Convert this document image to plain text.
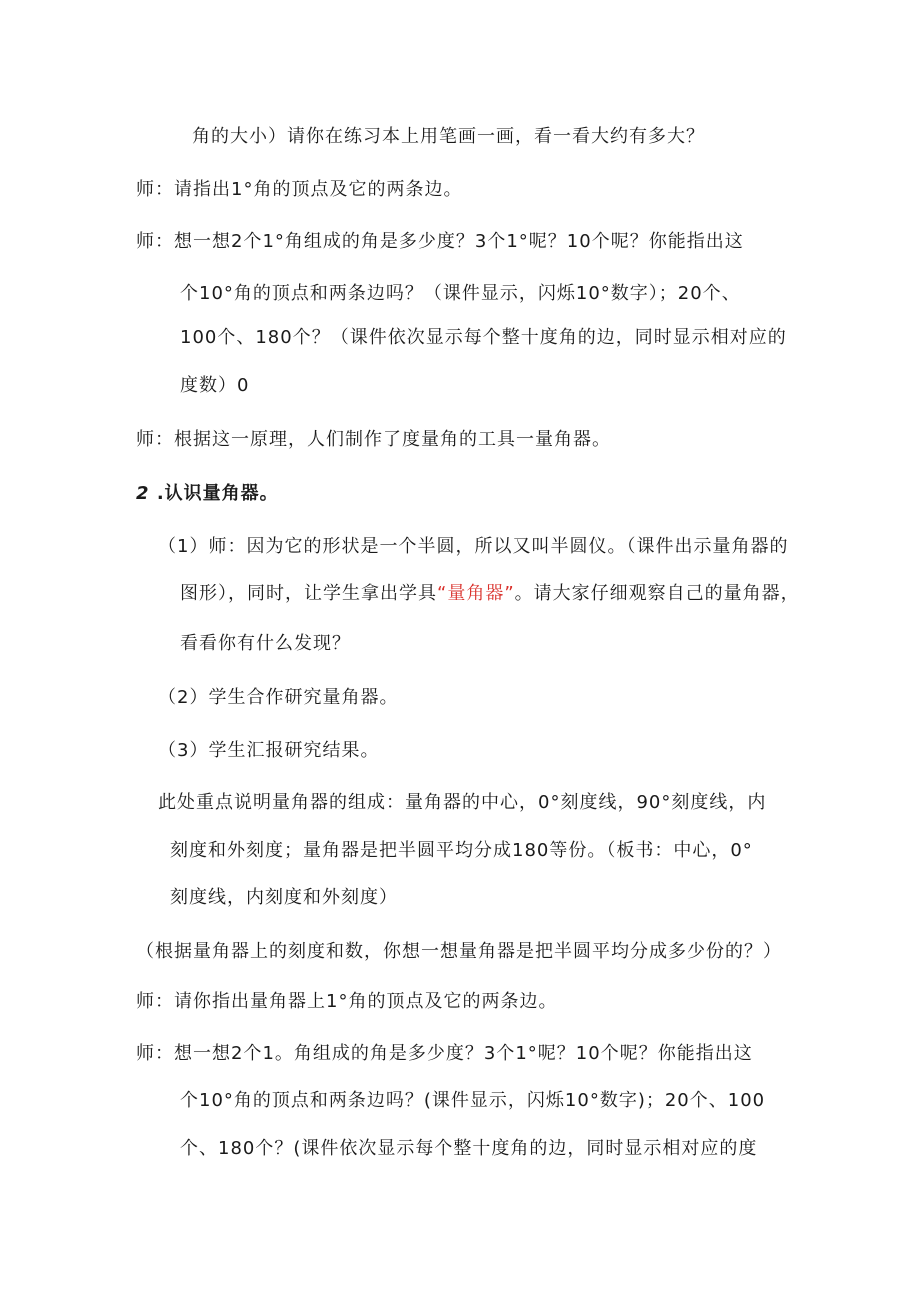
角的大小）请你在练习本上用笔画一画，看一看大约有多大？
师：请指出1°角的顶点及它的两条边。
师：想一想2个1°角组成的角是多少度？3个1°呢？10个呢？你能指出这
个10°角的顶点和两条边吗？（课件显示，闪烁10°数字）；20个、
100个、180个？（课件依次显示每个整十度角的边，同时显示相对应的
度数）0
师：根据这一原理，人们制作了度量角的工具一量角器。
2 .认识量角器。
（1）师：因为它的形状是一个半圆，所以又叫半圆仪。（课件出示量角器的
图形），同时，让学生拿出学具“量角器”。请大家仔细观察自己的量角器，
看看你有什么发现？
（2）学生合作研究量角器。
（3）学生汇报研究结果。
此处重点说明量角器的组成：量角器的中心，0°刻度线，90°刻度线，内
刻度和外刻度；量角器是把半圆平均分成180等份。（板书：中心，0°
刻度线，内刻度和外刻度）
（根据量角器上的刻度和数，你想一想量角器是把半圆平均分成多少份的？）
师：请你指出量角器上1°角的顶点及它的两条边。
师：想一想2个1。角组成的角是多少度？3个1°呢？10个呢？你能指出这
个10°角的顶点和两条边吗？(课件显示，闪烁10°数字)；20个、100
个、180个？(课件依次显示每个整十度角的边，同时显示相对应的度
